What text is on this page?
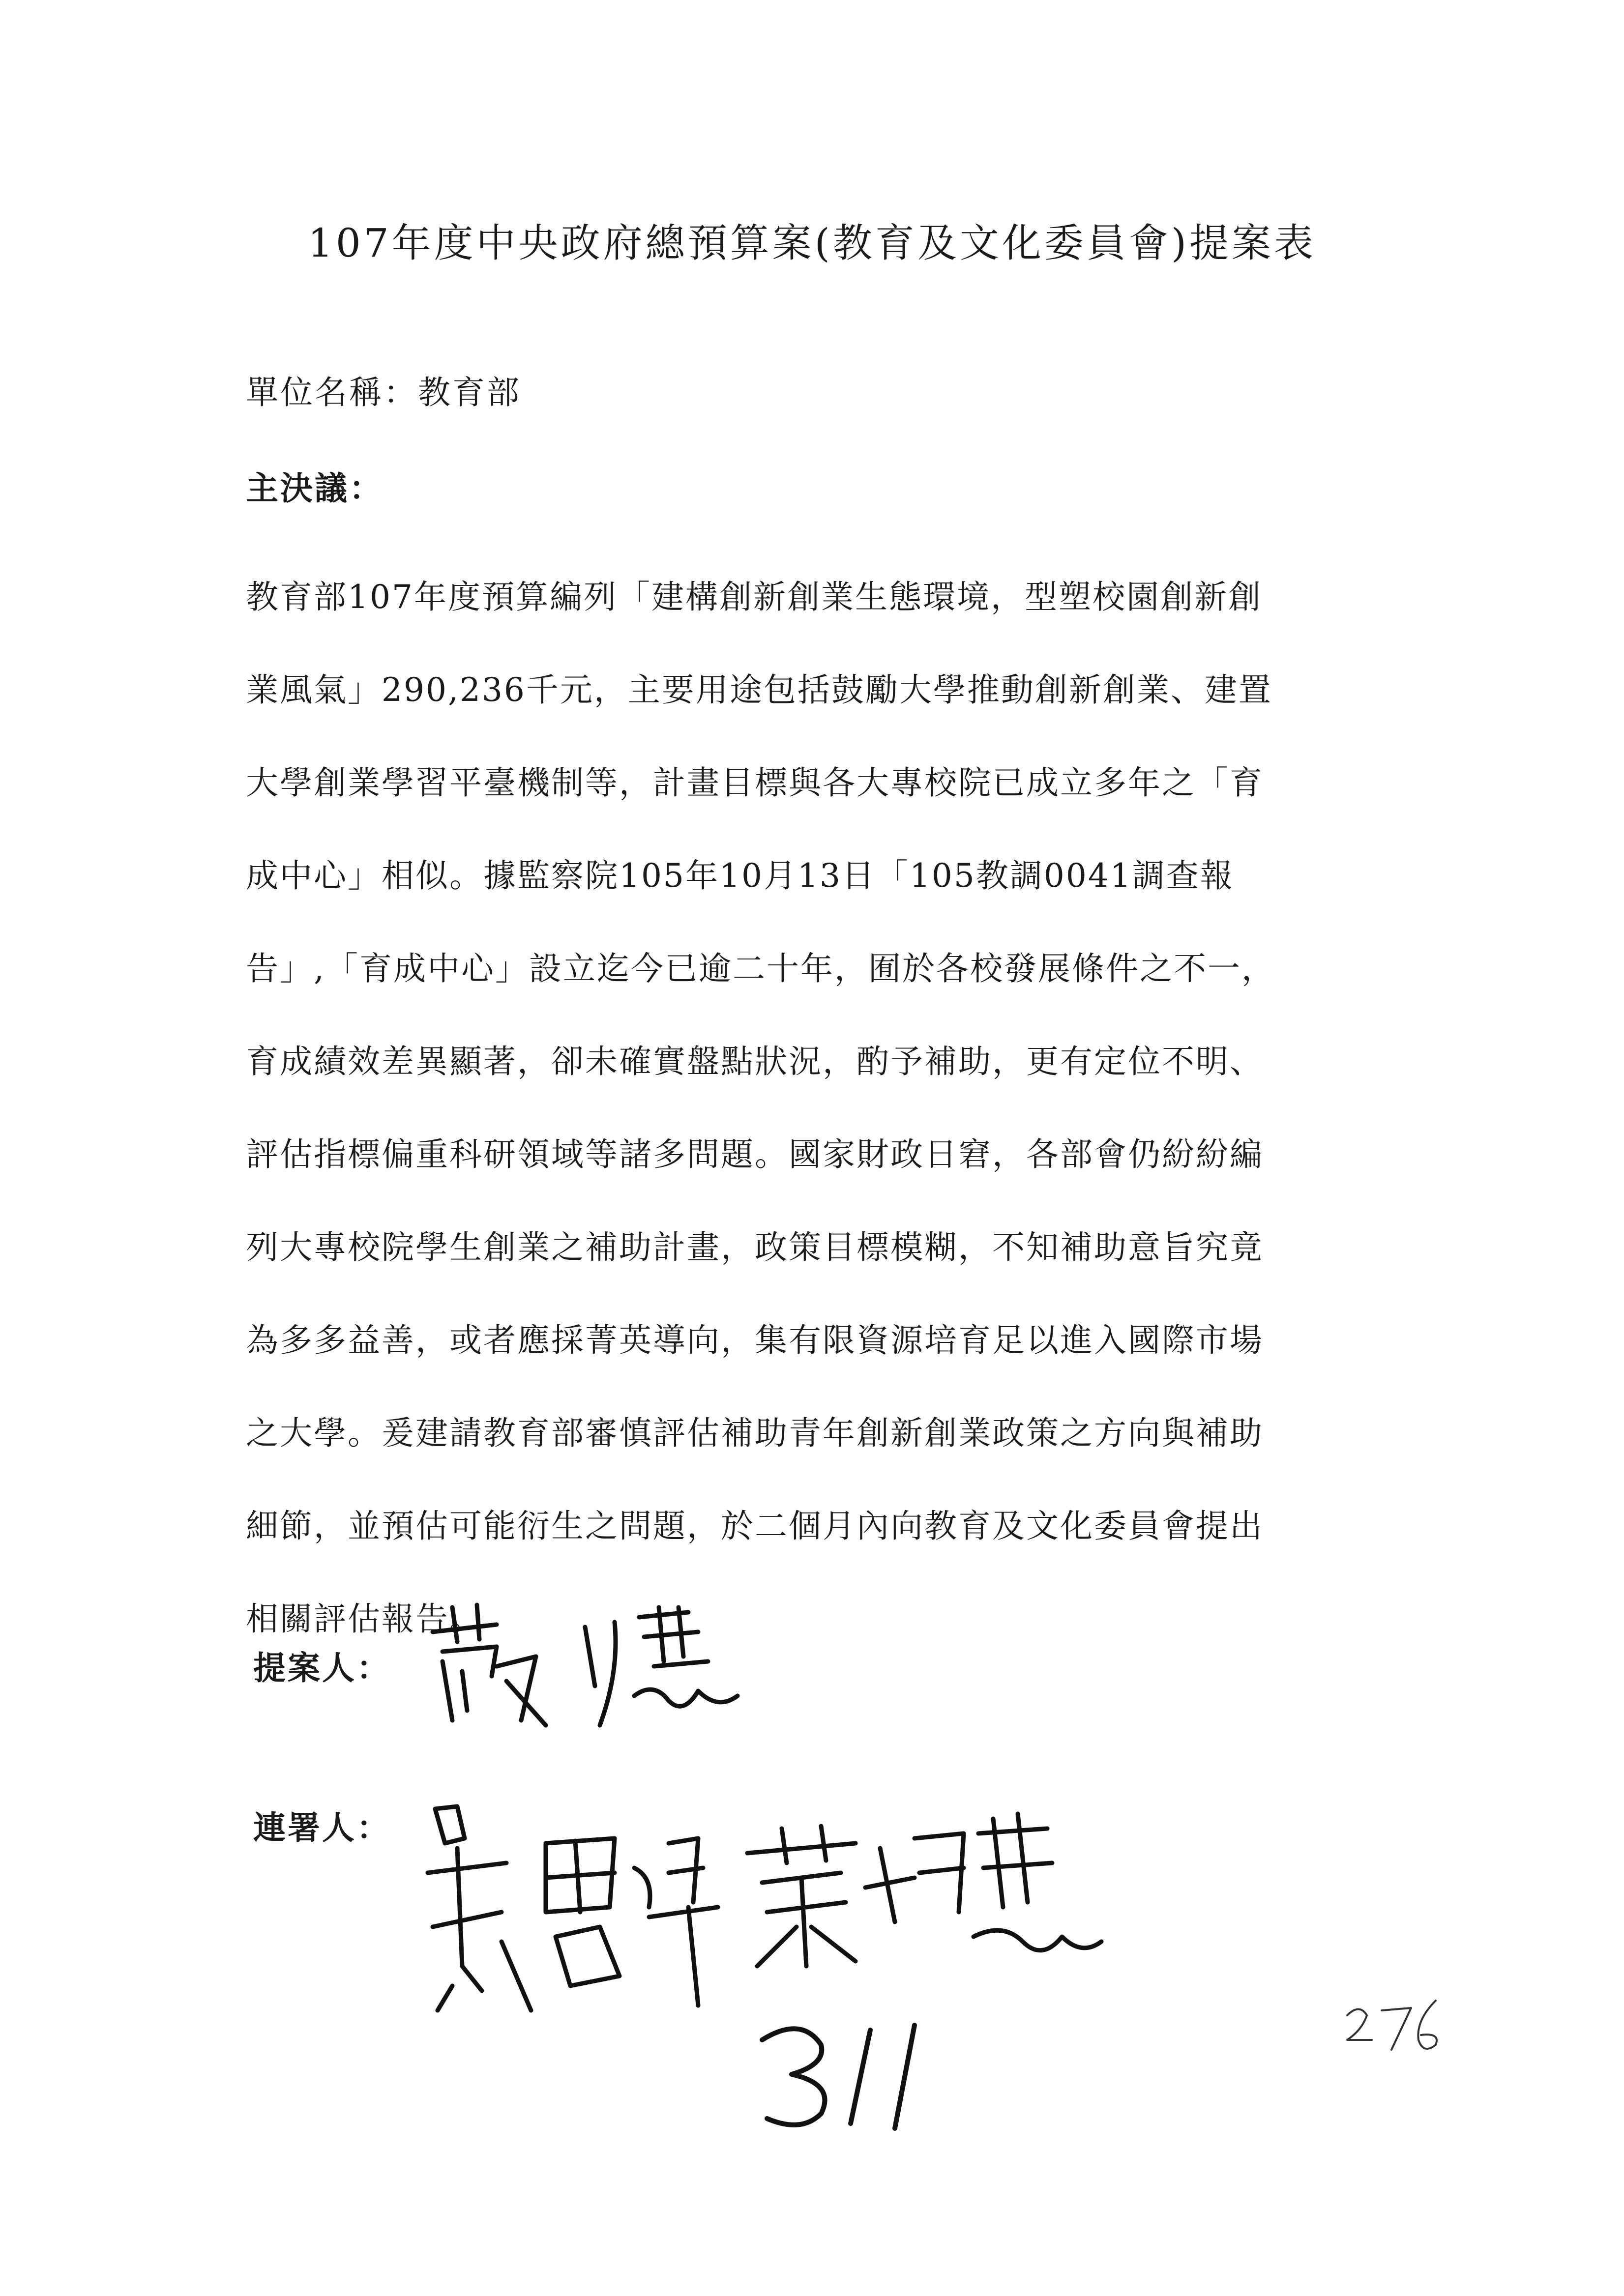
107年度中央政府總預算案(教育及文化委員會)提案表
單位名稱：教育部
主決議：
教育部107年度預算編列「建構創新創業生態環境，型塑校園創新創
業風氣」290,236千元，主要用途包括鼓勵大學推動創新創業、建置
大學創業學習平臺機制等，計畫目標與各大專校院已成立多年之「育
成中心」相似。據監察院105年10月13日「105教調0041調查報
告」,「育成中心」設立迄今已逾二十年，囿於各校發展條件之不一，
育成績效差異顯著，卻未確實盤點狀況，酌予補助，更有定位不明、
評估指標偏重科研領域等諸多問題。國家財政日窘，各部會仍紛紛編
列大專校院學生創業之補助計畫，政策目標模糊，不知補助意旨究竟
為多多益善，或者應採菁英導向，集有限資源培育足以進入國際市場
之大學。爰建請教育部審慎評估補助青年創新創業政策之方向與補助
細節，並預估可能衍生之問題，於二個月內向教育及文化委員會提出
相關評估報告。
提案人：
連署人：
